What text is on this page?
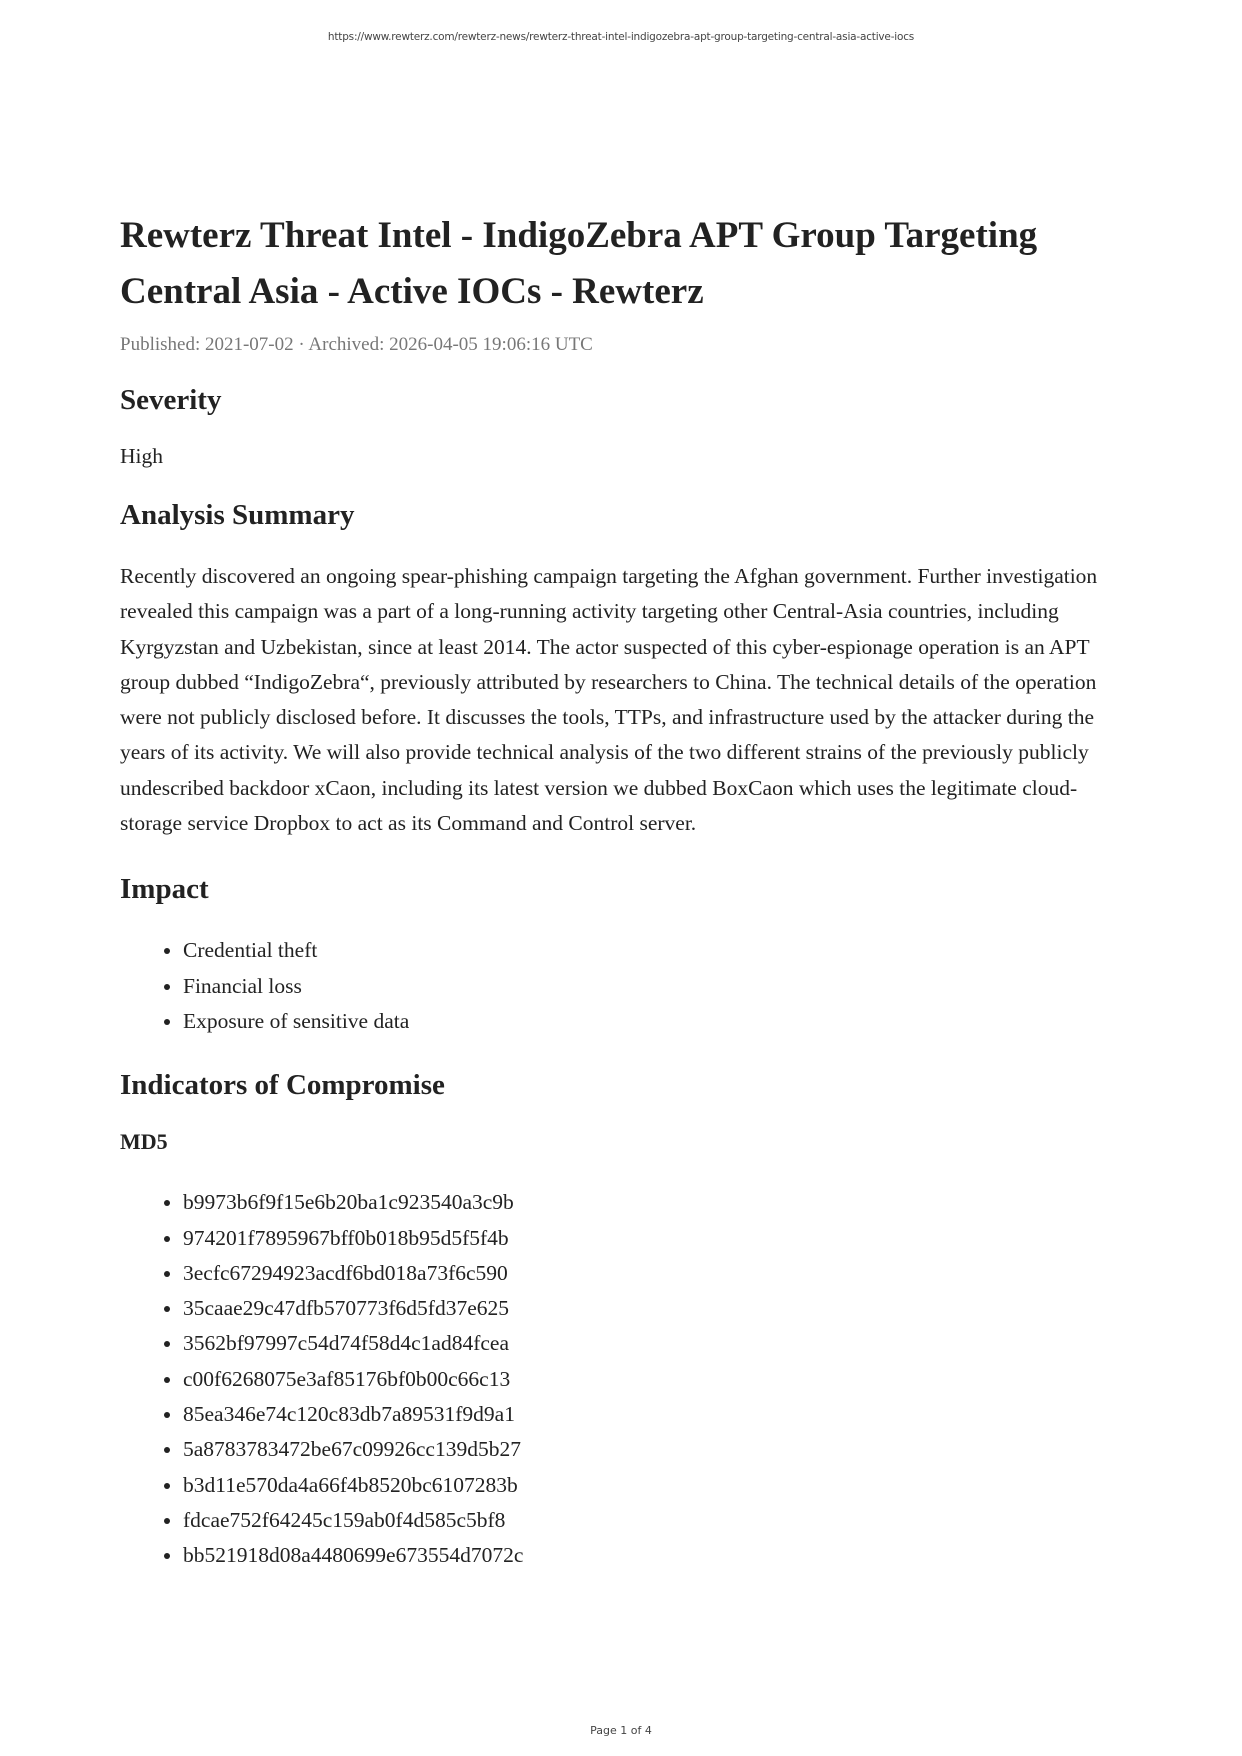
https://www.rewterz.com/rewterz-news/rewterz-threat-intel-indigozebra-apt-group-targeting-central-asia-active-iocs
Rewterz Threat Intel - IndigoZebra APT Group Targeting Central Asia - Active IOCs - Rewterz
Published: 2021-07-02 · Archived: 2026-04-05 19:06:16 UTC
Severity
High
Analysis Summary

Recently discovered an ongoing spear-phishing campaign targeting the Afghan government. Further investigation revealed this campaign was a part of a long-running activity targeting other Central-Asia countries, including Kyrgyzstan and Uzbekistan, since at least 2014. The actor suspected of this cyber-espionage operation is an APT group dubbed “IndigoZebra“, previously attributed by researchers to China. The technical details of the operation were not publicly disclosed before. It discusses the tools, TTPs, and infrastructure used by the attacker during the years of its activity. We will also provide technical analysis of the two different strains of the previously publicly undescribed backdoor xCaon, including its latest version we dubbed BoxCaon which uses the legitimate cloud-storage service Dropbox to act as its Command and Control server.

Impact
• Credential theft
• Financial loss
• Exposure of sensitive data
Indicators of Compromise
MD5
• b9973b6f9f15e6b20ba1c923540a3c9b
• 974201f7895967bff0b018b95d5f5f4b
• 3ecfc67294923acdf6bd018a73f6c590
• 35caae29c47dfb570773f6d5fd37e625
• 3562bf97997c54d74f58d4c1ad84fcea
• c00f6268075e3af85176bf0b00c66c13
• 85ea346e74c120c83db7a89531f9d9a1
• 5a8783783472be67c09926cc139d5b27
• b3d11e570da4a66f4b8520bc6107283b
• fdcae752f64245c159ab0f4d585c5bf8
• bb521918d08a4480699e673554d7072c
Page 1 of 4
